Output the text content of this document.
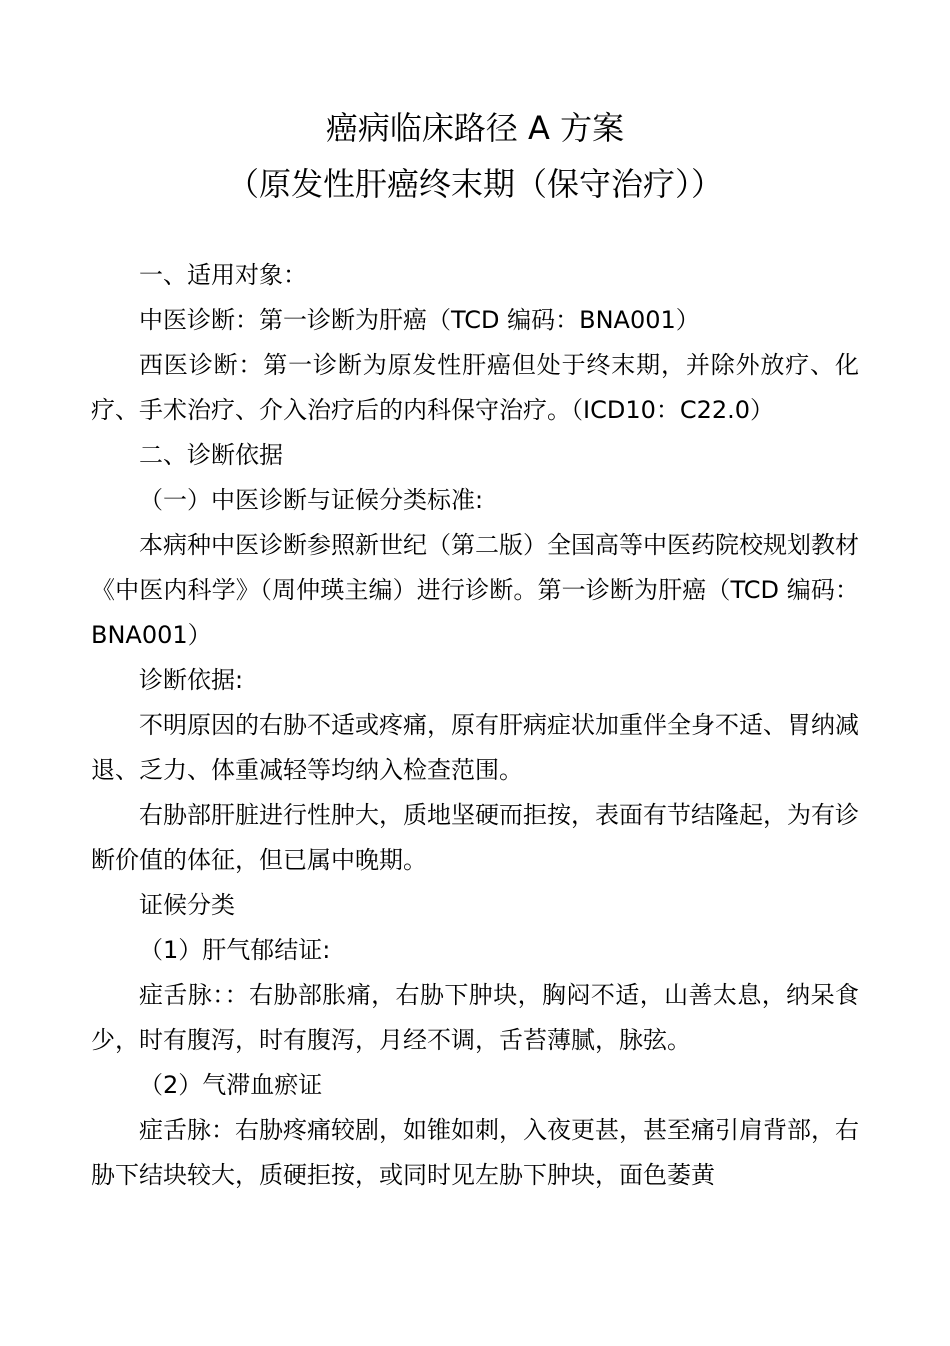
癌病临床路径 A 方案
（原发性肝癌终末期（保守治疗））

一、适用对象：

中医诊断：第一诊断为肝癌（TCD 编码：BNA001）

西医诊断：第一诊断为原发性肝癌但处于终末期，并除外放疗、化疗、手术治疗、介入治疗后的内科保守治疗。（ICD10：C22.0）

二、诊断依据

（一）中医诊断与证候分类标准:

本病种中医诊断参照新世纪（第二版）全国高等中医药院校规划教材《中医内科学》（周仲瑛主编）进行诊断。第一诊断为肝癌（TCD 编码：BNA001）

诊断依据:

不明原因的右胁不适或疼痛，原有肝病症状加重伴全身不适、胃纳减退、乏力、体重减轻等均纳入检查范围。

右胁部肝脏进行性肿大，质地坚硬而拒按，表面有节结隆起，为有诊断价值的体征，但已属中晚期。

证候分类

（1）肝气郁结证:

症舌脉：：右胁部胀痛，右胁下肿块，胸闷不适，山善太息，纳呆食少，时有腹泻，时有腹泻，月经不调，舌苔薄腻，脉弦。

（2）气滞血瘀证

症舌脉：右胁疼痛较剧，如锥如刺，入夜更甚，甚至痛引肩背部，右胁下结块较大，质硬拒按，或同时见左胁下肿块，面色萎黄
